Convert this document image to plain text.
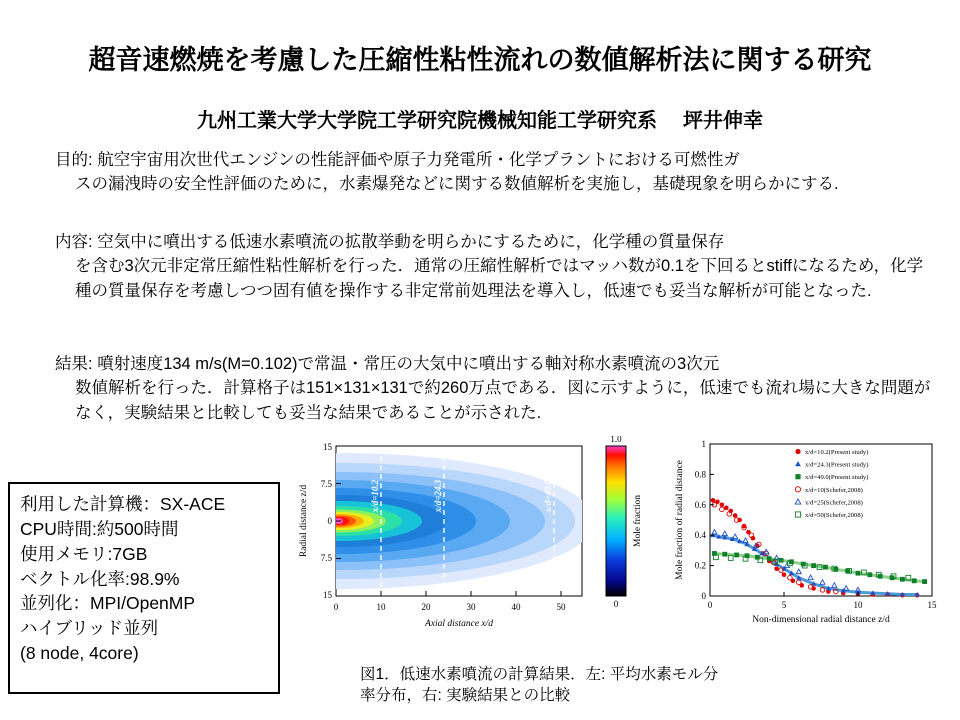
超音速燃焼を考慮した圧縮性粘性流れの数値解析法に関する研究
九州工業大学大学院工学研究院機械知能工学研究系 坪井伸幸
目的: 航空宇宙用次世代エンジンの性能評価や原子力発電所・化学プラントにおける可燃性ガ
スの漏洩時の安全性評価のために，水素爆発などに関する数値解析を実施し，基礎現象を明らかにする.
内容: 空気中に噴出する低速水素噴流の拡散挙動を明らかにするために，化学種の質量保存
を含む3次元非定常圧縮性粘性解析を行った．通常の圧縮性解析ではマッハ数が0.1を下回るとstiffになるため，化学種の質量保存を考慮しつつ固有値を操作する非定常前処理法を導入し，低速でも妥当な解析が可能となった.
結果: 噴射速度134 m/s(M=0.102)で常温・常圧の大気中に噴出する軸対称水素噴流の3次元
数値解析を行った．計算格子は151×131×131で約260万点である．図に示すように，低速でも流れ場に大きな問題がなく，実験結果と比較しても妥当な結果であることが示された.
利用した計算機：SX-ACE
CPU時間:約500時間
使用メモリ:7GB
ベクトル化率:98.9%
並列化：MPI/OpenMP
ハイブリッド並列
(8 node, 4core)
x/d=10.2	x/d=24.3	x/d=49.0
15
7.5
0
7.5
15
0	10	20	30	40	50
Radial distance z/d
Axial distance x/d
1.0
0
Mole fraction
0
0.2
0.4
0.6
0.8
1
0	5	10	15
Mole fraction of radial distance
Non-dimensional radial distance z/d
x/d=10.2(Present study)
x/d=24.3(Present study)
x/d=49.0(Present study)
x/d=10(Schefer,2008)
x/d=25(Schefer,2008)
x/d=50(Schefer,2008)
図1．低速水素噴流の計算結果．左: 平均水素モル分
率分布，右: 実験結果との比較
